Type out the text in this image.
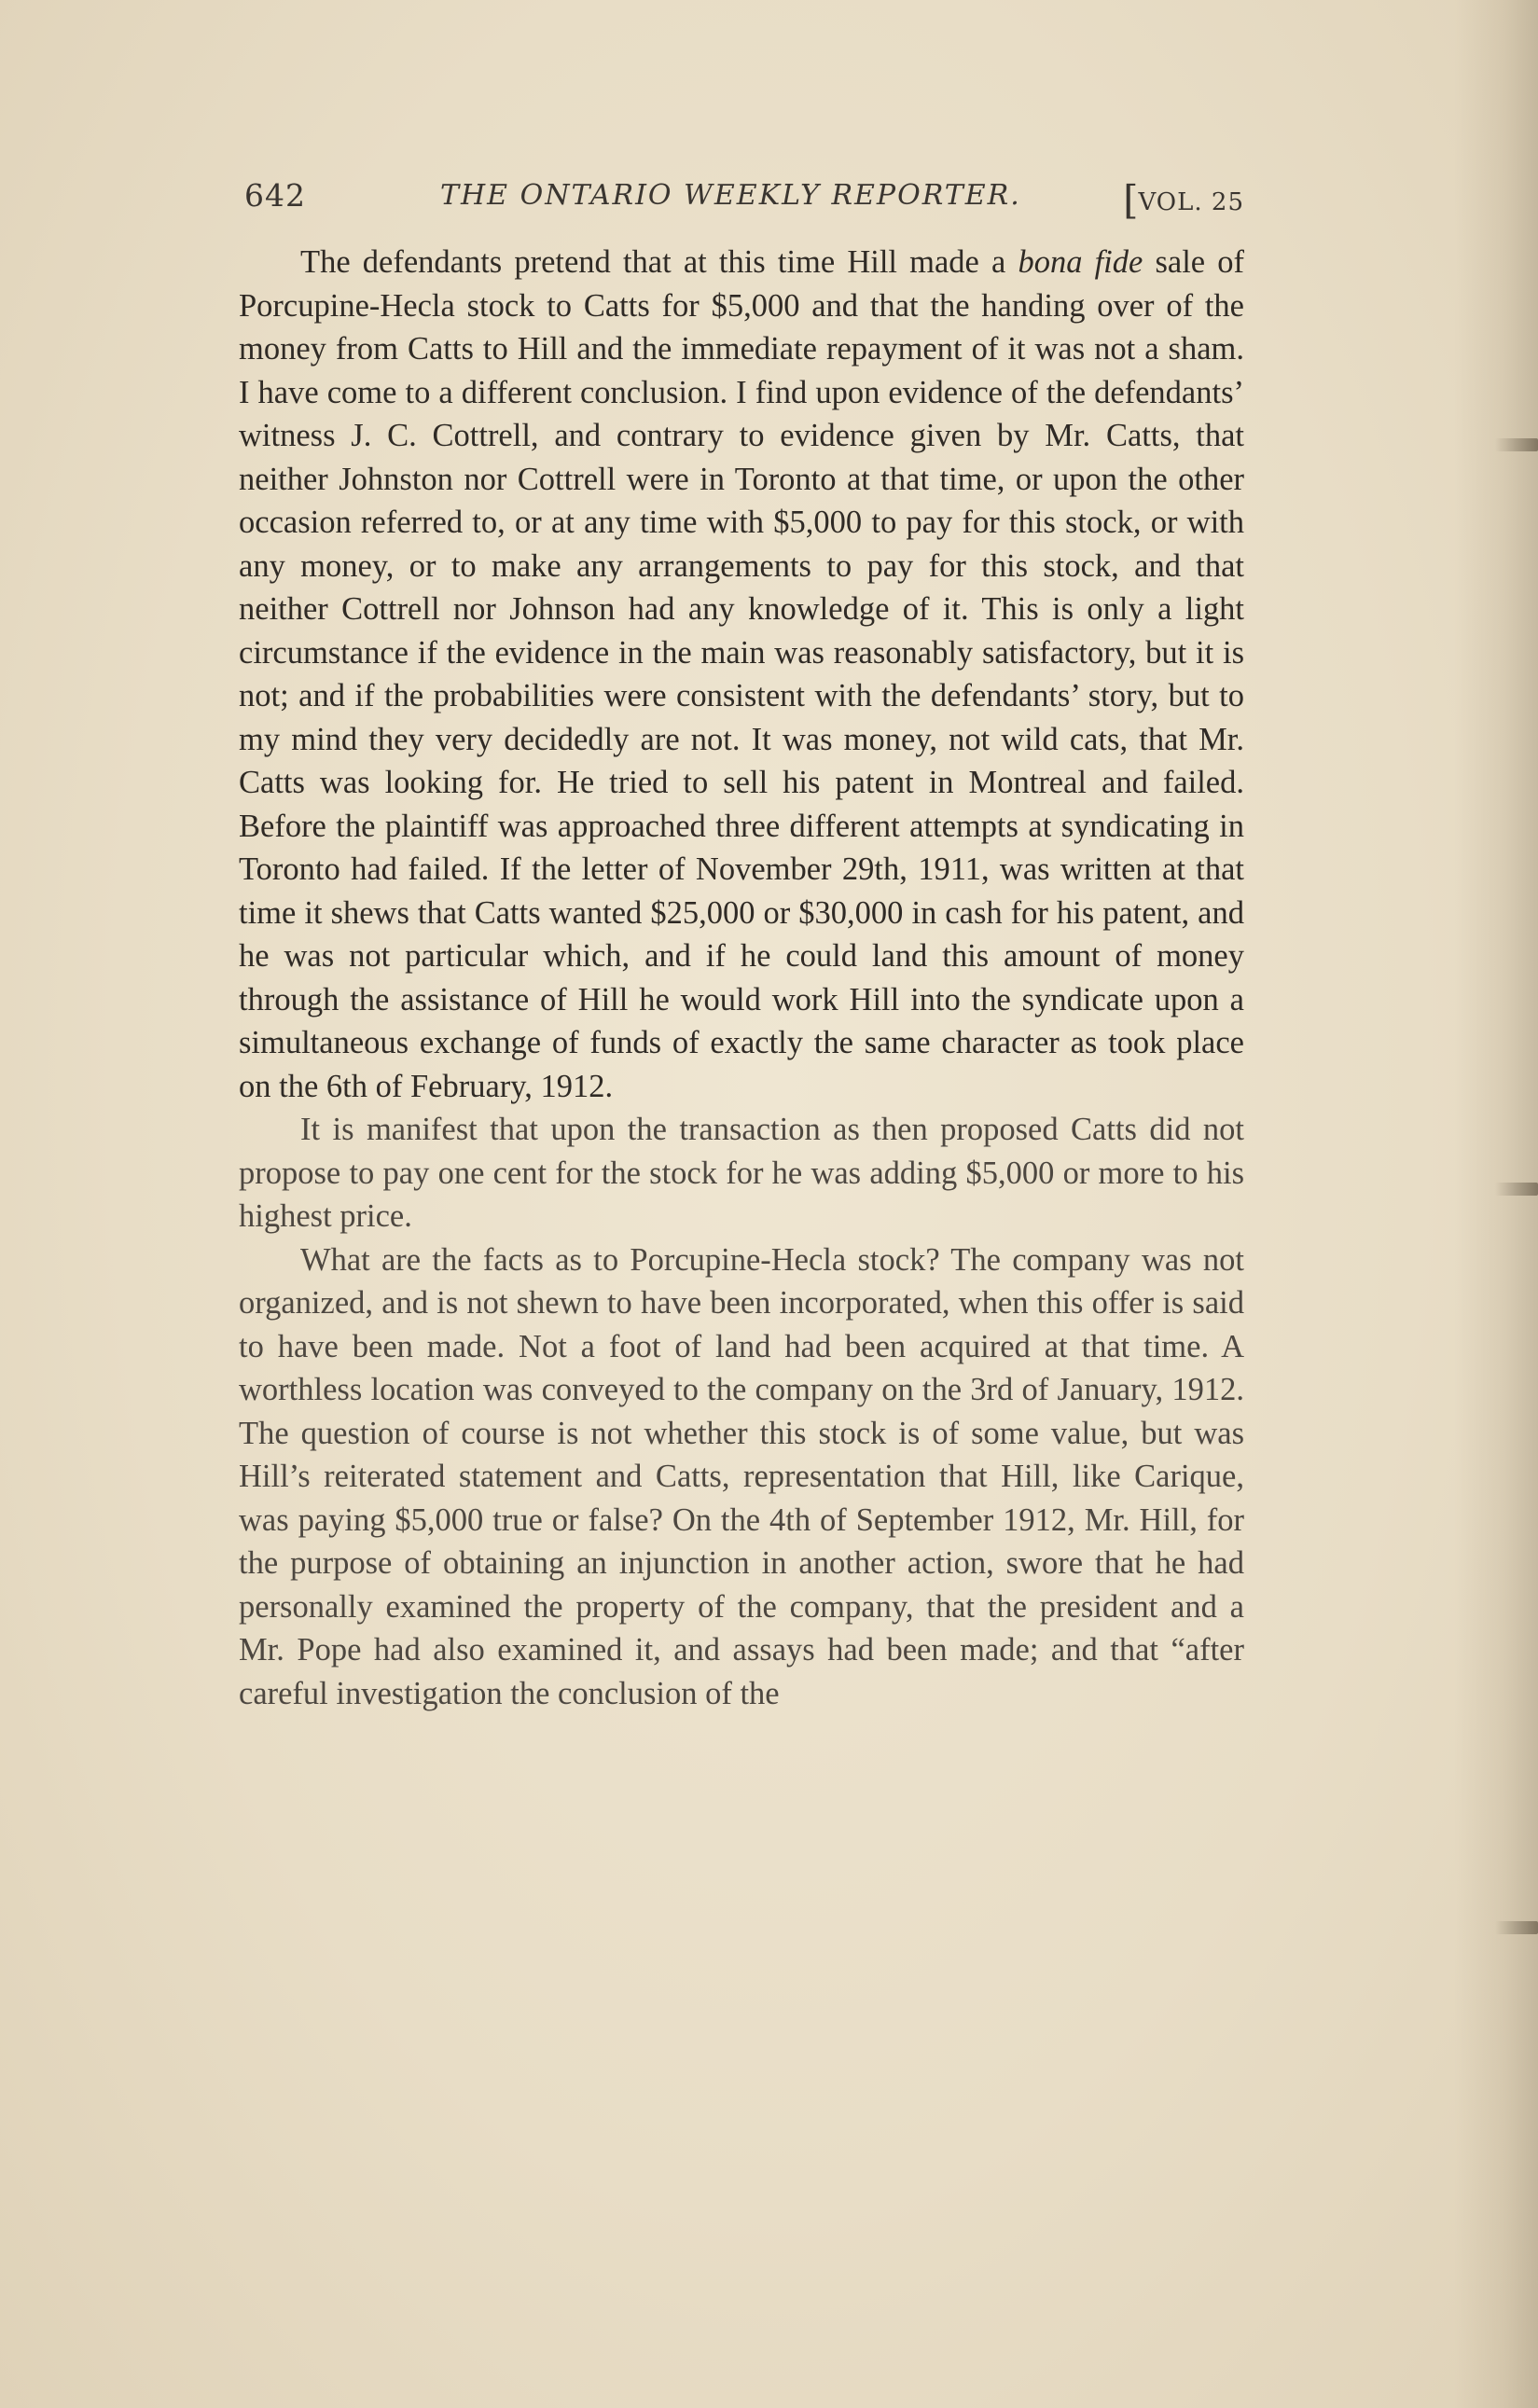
642	THE ONTARIO WEEKLY REPORTER.	[VOL. 25

The defendants pretend that at this time Hill made a bona fide sale of Porcupine-Hecla stock to Catts for $5,000 and that the handing over of the money from Catts to Hill and the immediate repayment of it was not a sham. I have come to a different conclusion. I find upon evidence of the defendants’ witness J. C. Cottrell, and contrary to evidence given by Mr. Catts, that neither Johnston nor Cottrell were in Toronto at that time, or upon the other occasion referred to, or at any time with $5,000 to pay for this stock, or with any money, or to make any arrangements to pay for this stock, and that neither Cottrell nor Johnson had any knowledge of it. This is only a light circumstance if the evidence in the main was reasonably satisfactory, but it is not; and if the probabilities were consistent with the defendants’ story, but to my mind they very decidedly are not. It was money, not wild cats, that Mr. Catts was looking for. He tried to sell his patent in Montreal and failed. Before the plaintiff was approached three different attempts at syndicating in Toronto had failed. If the letter of November 29th, 1911, was written at that time it shews that Catts wanted $25,000 or $30,000 in cash for his patent, and he was not particular which, and if he could land this amount of money through the assistance of Hill he would work Hill into the syndicate upon a simultaneous exchange of funds of exactly the same character as took place on the 6th of February, 1912.

It is manifest that upon the transaction as then proposed Catts did not propose to pay one cent for the stock for he was adding $5,000 or more to his highest price.

What are the facts as to Porcupine-Hecla stock? The company was not organized, and is not shewn to have been incorporated, when this offer is said to have been made. Not a foot of land had been acquired at that time. A worthless location was conveyed to the company on the 3rd of January, 1912. The question of course is not whether this stock is of some value, but was Hill’s reiterated statement and Catts, representation that Hill, like Carique, was paying $5,000 true or false? On the 4th of September 1912, Mr. Hill, for the purpose of obtaining an injunction in another action, swore that he had personally examined the property of the company, that the president and a Mr. Pope had also examined it, and assays had been made; and that “after careful investigation the conclusion of the
